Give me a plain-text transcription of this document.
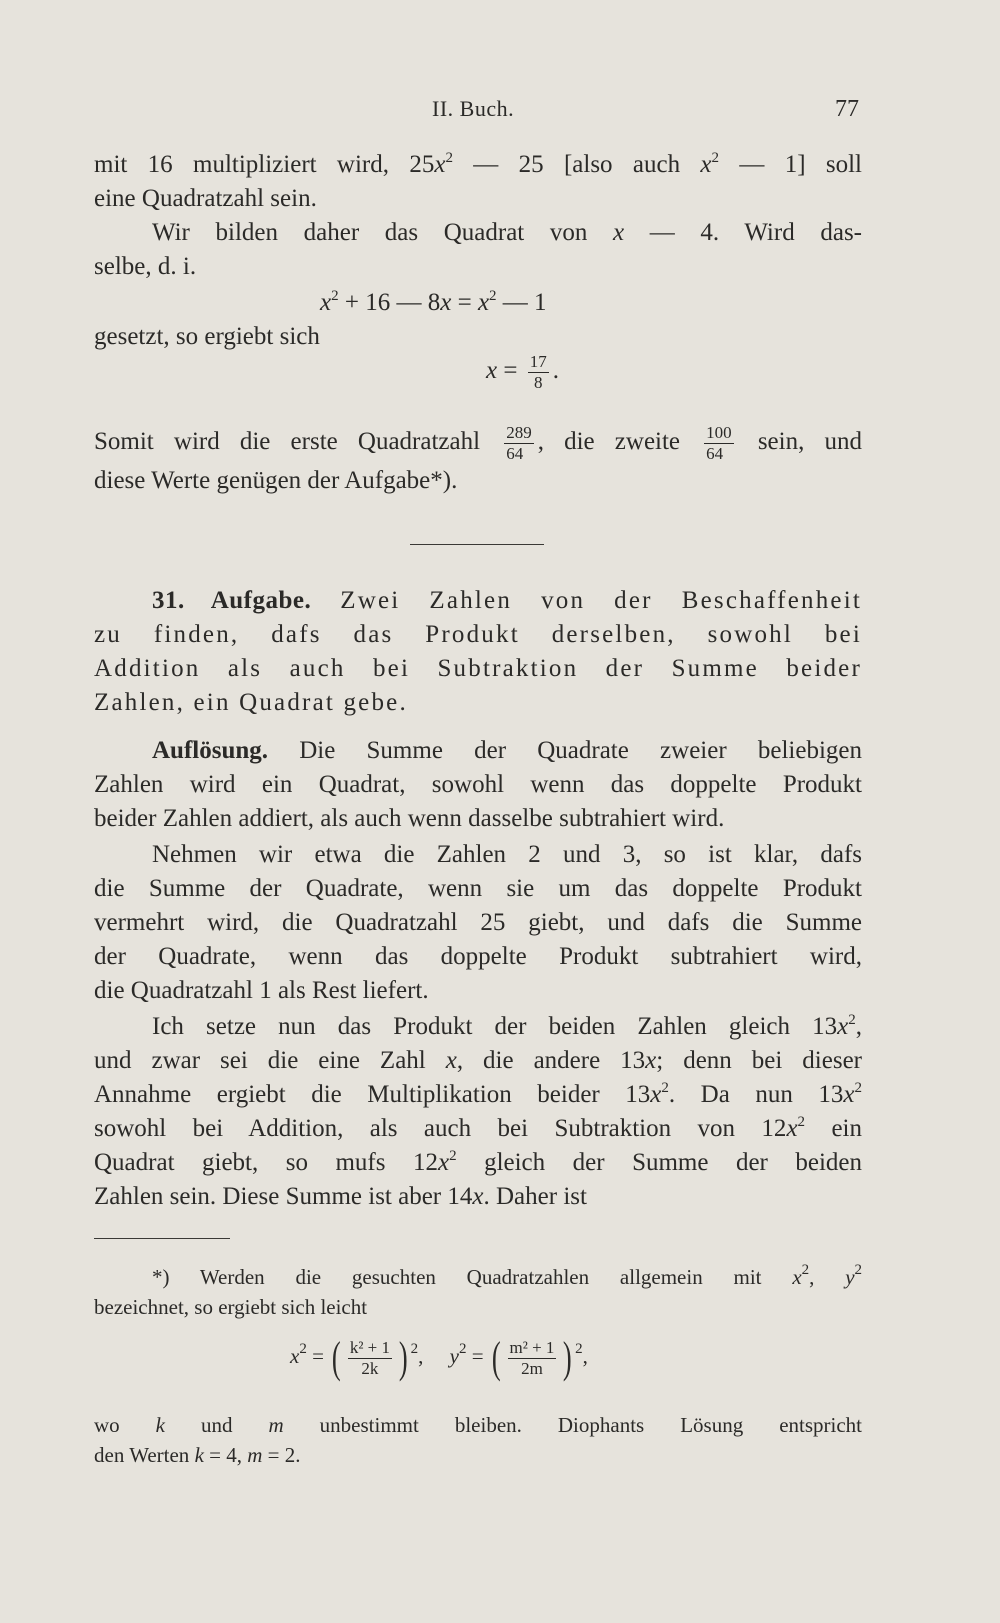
II. Buch.	77
mit 16 multipliziert wird, $25x^2$ — 25 [also auch $x^2$ — 1] soll
eine Quadratzahl sein.
Wir bilden daher das Quadrat von x — 4. Wird das-
selbe, d. i.
$x^2 + 16$ — $8x = x^2$ — 1
gesetzt, so ergiebt sich
$x = \frac{17}{8}$ .
Somit wird die erste Quadratzahl $\frac{289}{64}$ , die zweite $\frac{100}{64}$ sein, und
diese Werte genügen der Aufgabe*).
31. Aufgabe. Zwei Zahlen von der Beschaffenheit
zu finden, dafs das Produkt derselben, sowohl bei
Addition als auch bei Subtraktion der Summe beider
Zahlen, ein Quadrat gebe.
Auflösung. Die Summe der Quadrate zweier beliebigen
Zahlen wird ein Quadrat, sowohl wenn das doppelte Produkt
beider Zahlen addiert, als auch wenn dasselbe subtrahiert wird.
Nehmen wir etwa die Zahlen 2 und 3, so ist klar, dafs
die Summe der Quadrate, wenn sie um das doppelte Produkt
vermehrt wird, die Quadratzahl 25 giebt, und dafs die Summe
der Quadrate, wenn das doppelte Produkt subtrahiert wird,
die Quadratzahl 1 als Rest liefert.
Ich setze nun das Produkt der beiden Zahlen gleich $13x^2$,
und zwar sei die eine Zahl x, die andere 13x; denn bei dieser
Annahme ergiebt die Multiplikation beider $13x^2$. Da nun $13x^2$
sowohl bei Addition, als auch bei Subtraktion von $12x^2$ ein
Quadrat giebt, so mufs $12x^2$ gleich der Summe der beiden
Zahlen sein. Diese Summe ist aber 14x. Daher ist
*) Werden die gesuchten Quadratzahlen allgemein mit $x^2$, $y^2$
bezeichnet, so ergiebt sich leicht
$x^2$ = ( $\frac{\text{k² + 1}}{2k}$ ) $^2$, $y^2$ = ( $\frac{\text{m² + 1}}{2m}$ ) $^2$,
wo k und m unbestimmt bleiben. Diophants Lösung entspricht
den Werten k = 4, m = 2.
